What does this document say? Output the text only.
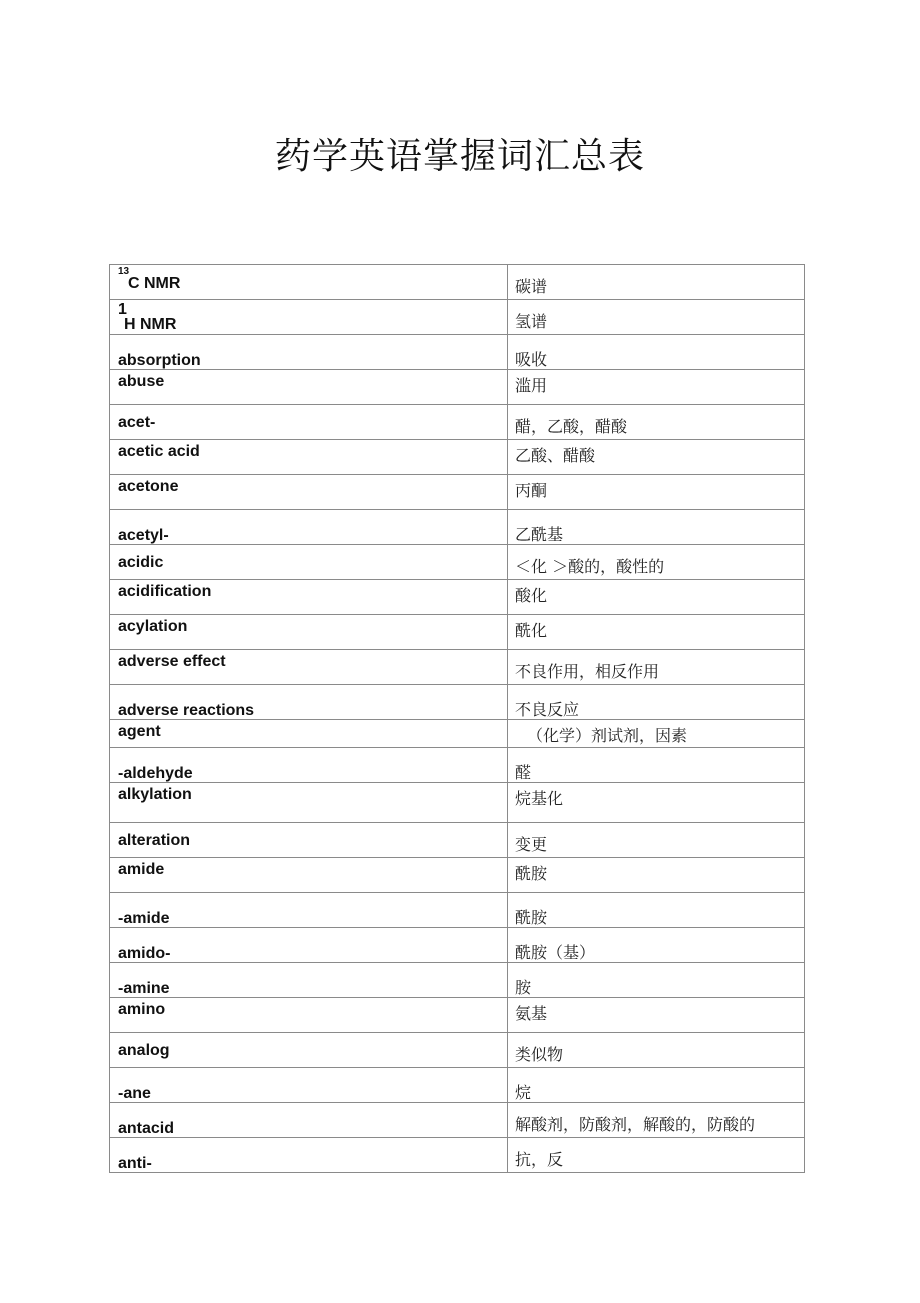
药学英语掌握词汇总表
13
C NMR	碳谱

1
H NMR	氢谱

absorption	吸收

abuse	滥用

acet-	醋，乙酸，醋酸

acetic acid	乙酸、醋酸

acetone	丙酮

acetyl-	乙酰基

acidic	＜化 ＞酸的，酸性的

acidification	酸化

acylation	酰化

adverse effect	不良作用，相反作用

adverse reactions	不良反应

agent	（化学）剂试剂，因素

-aldehyde	醛

alkylation	烷基化

alteration	变更

amide	酰胺

-amide	酰胺

amido-	酰胺（基）

-amine	胺

amino	氨基

analog	类似物

-ane	烷

antacid	解酸剂，防酸剂，解酸的，防酸的

anti-	抗，反
